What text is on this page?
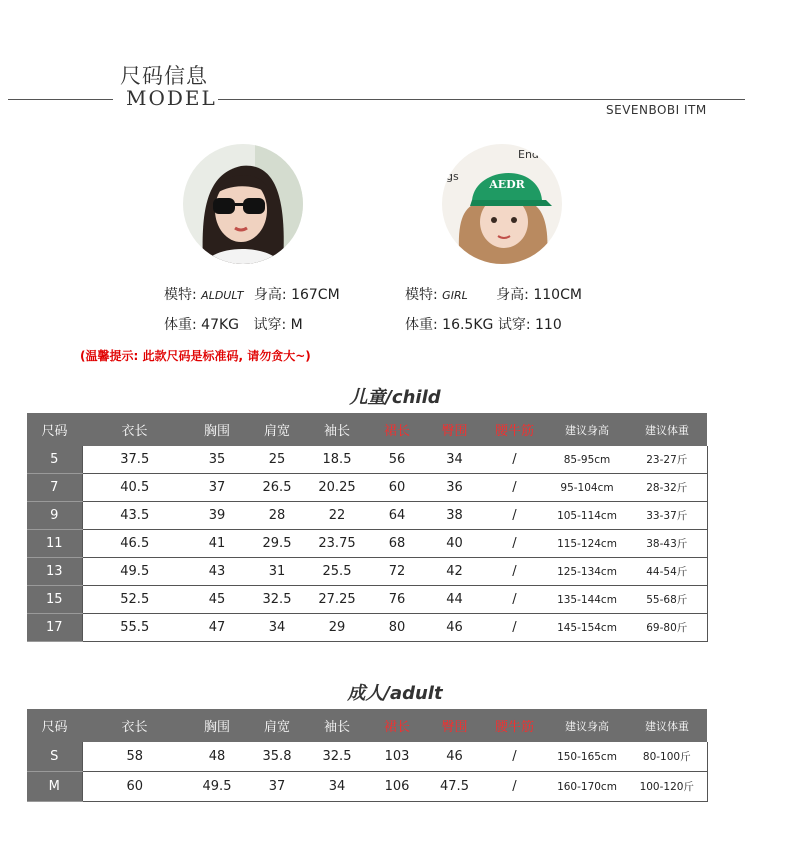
尺码信息
MODEL	SEVENBOBI ITM
End
gs
AEDR
模特: ALDULT 身高: 167CM
体重: 47KG 试穿: M
模特: GIRL 身高: 110CM
体重: 16.5KG 试穿: 110
(温馨提示: 此款尺码是标准码, 请勿贪大~)
儿童/child
尺码	衣长	胸围	肩宽	袖长	裙长	臀围	腰牛筋	建议身高	建议体重
5	37.5	35	25	18.5	56	34	/	85-95cm	23-27斤
7	40.5	37	26.5	20.25	60	36	/	95-104cm	28-32斤
9	43.5	39	28	22	64	38	/	105-114cm	33-37斤
11	46.5	41	29.5	23.75	68	40	/	115-124cm	38-43斤
13	49.5	43	31	25.5	72	42	/	125-134cm	44-54斤
15	52.5	45	32.5	27.25	76	44	/	135-144cm	55-68斤
17	55.5	47	34	29	80	46	/	145-154cm	69-80斤
成人/adult
尺码	衣长	胸围	肩宽	袖长	裙长	臀围	腰牛筋	建议身高	建议体重
S	58	48	35.8	32.5	103	46	/	150-165cm	80-100斤
M	60	49.5	37	34	106	47.5	/	160-170cm	100-120斤
